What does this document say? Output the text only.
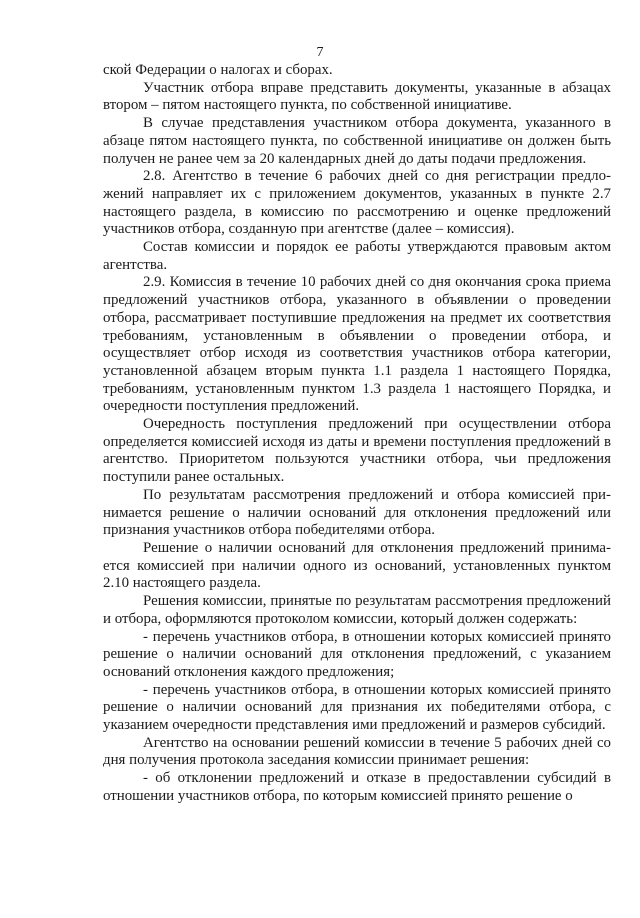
7

ской Федерации о налогах и сборах.

Участник отбора вправе представить документы, указанные в абзацах втором – пятом настоящего пункта, по собственной инициативе.

В случае представления участником отбора документа, указанного в абзаце пятом настоящего пункта, по собственной инициативе он должен быть получен не ранее чем за 20 календарных дней до даты подачи предложения.

2.8. Агентство в течение 6 рабочих дней со дня регистрации предложений направляет их с приложением документов, указанных в пункте 2.7 настоящего раздела, в комиссию по рассмотрению и оценке предложений участников отбора, созданную при агентстве (далее – комиссия).

Состав комиссии и порядок ее работы утверждаются правовым актом агентства.

2.9. Комиссия в течение 10 рабочих дней со дня окончания срока приема предложений участников отбора, указанного в объявлении о проведении отбора, рассматривает поступившие предложения на предмет их соответствия требованиям, установленным в объявлении о проведении отбора, и осуществляет отбор исходя из соответствия участников отбора категории, установленной абзацем вторым пункта 1.1 раздела 1 настоящего Порядка, требованиям, установленным пунктом 1.3 раздела 1 настоящего Порядка, и очередности поступления предложений.

Очередность поступления предложений при осуществлении отбора определяется комиссией исходя из даты и времени поступления предложений в агентство. Приоритетом пользуются участники отбора, чьи предложения поступили ранее остальных.

По результатам рассмотрения предложений и отбора комиссией принимается решение о наличии оснований для отклонения предложений или признания участников отбора победителями отбора.

Решение о наличии оснований для отклонения предложений принимается комиссией при наличии одного из оснований, установленных пунктом 2.10 настоящего раздела.

Решения комиссии, принятые по результатам рассмотрения предложений и отбора, оформляются протоколом комиссии, который должен содержать:

- перечень участников отбора, в отношении которых комиссией принято решение о наличии оснований для отклонения предложений, с указанием оснований отклонения каждого предложения;

- перечень участников отбора, в отношении которых комиссией принято решение о наличии оснований для признания их победителями отбора, с указанием очередности представления ими предложений и размеров субсидий.

Агентство на основании решений комиссии в течение 5 рабочих дней со дня получения протокола заседания комиссии принимает решения:

- об отклонении предложений и отказе в предоставлении субсидий в отношении участников отбора, по которым комиссией принято решение о
